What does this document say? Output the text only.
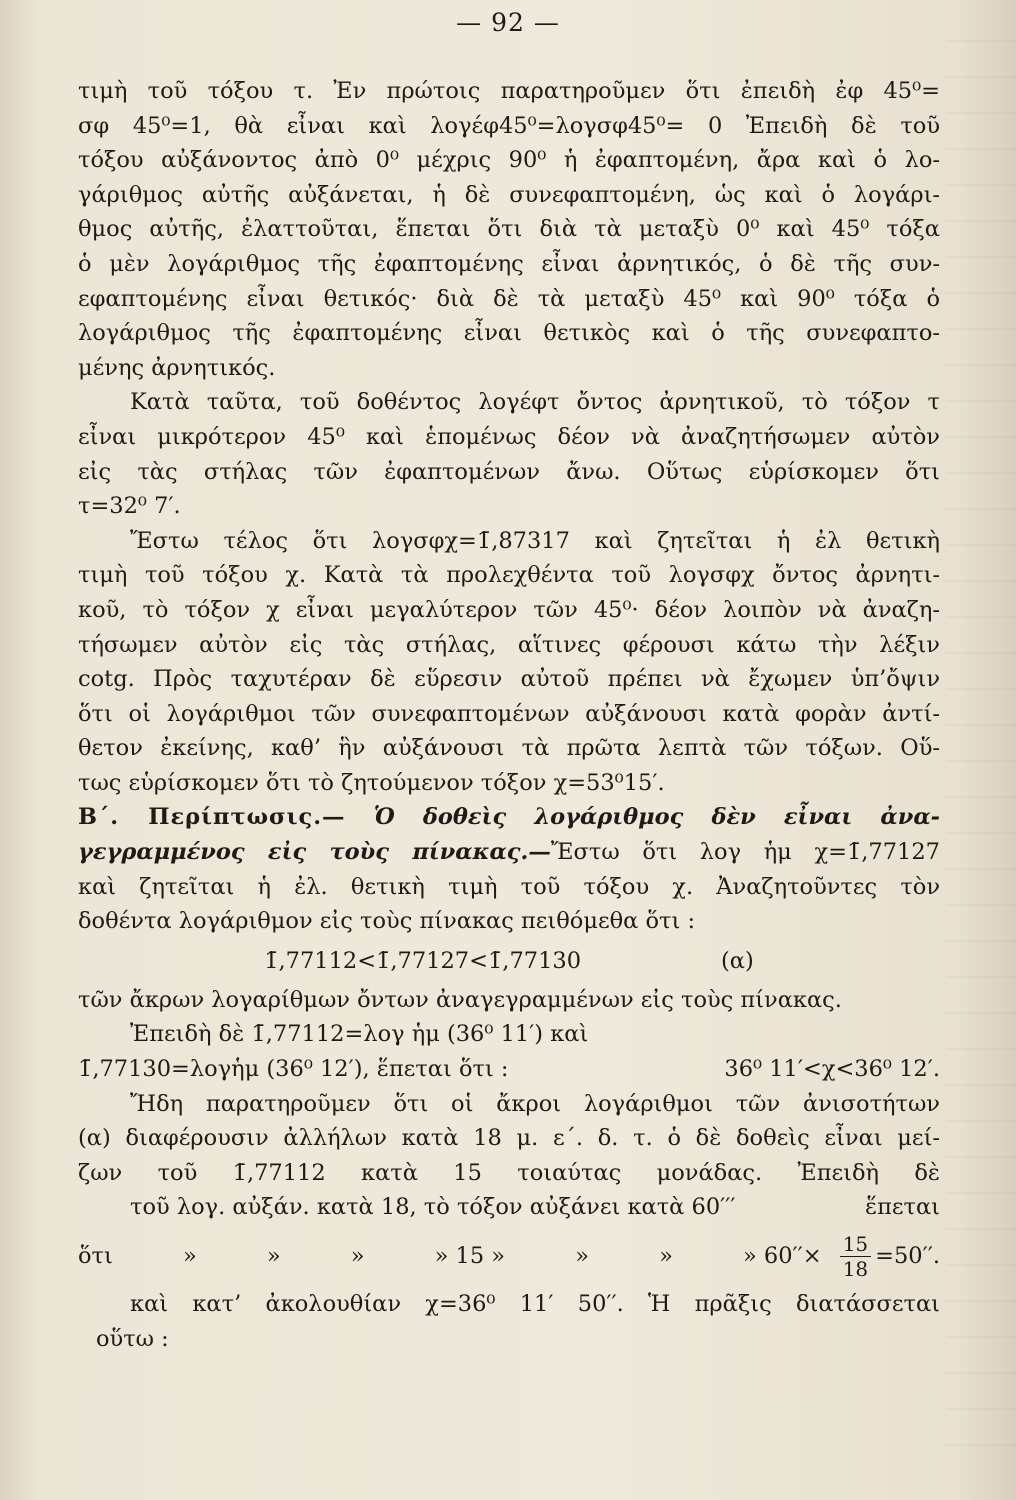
— 92 —
τιμὴ τοῦ τόξου τ. Ἐν πρώτοις παρατηροῦμεν ὅτι ἐπειδὴ ἐφ 45⁰=
σφ 45⁰=1, θὰ εἶναι καὶ λογέφ45⁰=λογσφ45⁰= 0 Ἐπειδὴ δὲ τοῦ
τόξου αὐξάνοντος ἀπὸ 0⁰ μέχρις 90⁰ ἡ ἐφαπτομένη, ἄρα καὶ ὁ λο-
γάριθμος αὐτῆς αὐξάνεται, ἡ δὲ συνεφαπτομένη, ὡς καὶ ὁ λογάρι-
θμος αὐτῆς, ἐλαττοῦται, ἕπεται ὅτι διὰ τὰ μεταξὺ 0⁰ καὶ 45⁰ τόξα
ὁ μὲν λογάριθμος τῆς ἐφαπτομένης εἶναι ἀρνητικός, ὁ δὲ τῆς συν-
εφαπτομένης εἶναι θετικός· διὰ δὲ τὰ μεταξὺ 45⁰ καὶ 90⁰ τόξα ὁ
λογάριθμος τῆς ἐφαπτομένης εἶναι θετικὸς καὶ ὁ τῆς συνεφαπτο-
μένης ἀρνητικός.
Κατὰ ταῦτα, τοῦ δοθέντος λογέφτ ὄντος ἀρνητικοῦ, τὸ τόξον τ
εἶναι μικρότερον 45⁰ καὶ ἑπομένως δέον νὰ ἀναζητήσωμεν αὐτὸν
εἰς τὰς στήλας τῶν ἐφαπτομένων ἄνω. Οὕτως εὑρίσκομεν ὅτι
τ=32⁰ 7′.
Ἔστω τέλος ὅτι λογσφχ=1̄,87317 καὶ ζητεῖται ἡ ἐλ θετικὴ
τιμὴ τοῦ τόξου χ. Κατὰ τὰ προλεχθέντα τοῦ λογσφχ ὄντος ἀρνητι-
κοῦ, τὸ τόξον χ εἶναι μεγαλύτερον τῶν 45⁰· δέον λοιπὸν νὰ ἀναζη-
τήσωμεν αὐτὸν εἰς τὰς στήλας, αἵτινες φέρουσι κάτω τὴν λέξιν
cotg. Πρὸς ταχυτέραν δὲ εὕρεσιν αὐτοῦ πρέπει νὰ ἔχωμεν ὑπ’ὄψιν
ὅτι οἱ λογάριθμοι τῶν συνεφαπτομένων αὐξάνουσι κατὰ φορὰν ἀντί-
θετον ἐκείνης, καθ’ ἣν αὐξάνουσι τὰ πρῶτα λεπτὰ τῶν τόξων. Οὕ-
τως εὑρίσκομεν ὅτι τὸ ζητούμενον τόξον χ=53⁰15′.
Β΄. Περίπτωσις.— Ὁ δοθεὶς λογάριθμος δὲν εἶναι ἀνα-
γεγραμμένος εἰς τοὺς πίνακας.—Ἔστω ὅτι λογ ἡμ χ=1̄,77127
καὶ ζητεῖται ἡ ἐλ. θετικὴ τιμὴ τοῦ τόξου χ. Ἀναζητοῦντες τὸν
δοθέντα λογάριθμον εἰς τοὺς πίνακας πειθόμεθα ὅτι :
1̄,77112<1̄,77127<1̄,77130	(α)
τῶν ἄκρων λογαρίθμων ὄντων ἀναγεγραμμένων εἰς τοὺς πίνακας.
Ἐπειδὴ δὲ 1̄,77112=λογ ἡμ (36⁰ 11′) καὶ
1̄,77130=λογἡμ (36⁰ 12′), ἕπεται ὅτι :	36⁰ 11′<χ<36⁰ 12′.
Ἤδη παρατηροῦμεν ὅτι οἱ ἄκροι λογάριθμοι τῶν ἀνισοτήτων
(α) διαφέρουσιν ἀλλήλων κατὰ 18 μ. ε΄. δ. τ. ὁ δὲ δοθεὶς εἶναι μεί-
ζων τοῦ 1̄,77112 κατὰ 15 τοιαύτας μονάδας. Ἐπειδὴ δὲ
τοῦ λογ. αὐξάν. κατὰ 18, τὸ τόξον αὐξάνει κατὰ 60′′′	ἕπεται
ὅτι	»	»	»	» 15 »	»	»	» $60''\times \frac{15}{18} =50''$.
καὶ κατ’ ἀκολουθίαν χ=36⁰ 11′ 50′′. Ἡ πρᾶξις διατάσσεται
οὕτω :
